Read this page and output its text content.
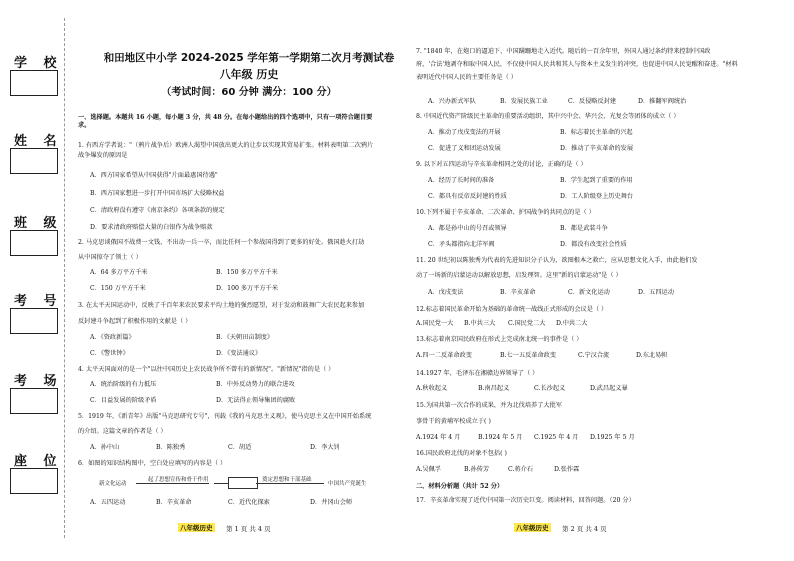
学 校
姓 名
班 级
考 号
考 场
座 位
和田地区中小学 2024-2025 学年第一学期第二次月考测试卷
八年级 历史
（考试时间：60 分钟 满分：100 分）
一、选择题。本题共 16 小题，每小题 3 分，共 48 分。在每小题给出的四个选项中，只有一项符合题目要
求。
1. 有西方学者说："（鸦片战争后）欧洲人渴望中国放出更大的让步以实现其贸易扩张。材料表明第二次鸦片
战争爆发的原因是
A．西方国家希望从中国获得"片面最惠国待遇"
B．西方国家想进一步打开中国市场扩大侵略权益
C．清政府没有遵守《南京条约》各项条款的规定
D．要求清政府赔偿大量的白银作为战争赔款
2. 马克思谈俄国不战费一文钱，不出动一兵一卒，而比任何一个参战国得到了更多的好处。俄国趁火打劫
从中国掠夺了领土（ ）
A．64 多万平方千米	B．150 多万平方千米
C．150 万平方千米	D．100 多万平方千米
3. 在太平天国运动中，反映了千百年来农民要求平均土地的强烈愿望，对于发动和鼓舞广大农民起来参加
反封建斗争起到了积极作用的文献是（ ）
A．《资政新篇》	B．《天朝田亩制度》
C．《警世钟》	D．《变法通议》
4. 太平天国面对的是一个"以往中国历史上农民战争所不曾有的新情况"。"新情况"指的是（ ）
A．统治阶级的有力抵压	B．中外反动势力的联合进攻
C．目益发展的阶级矛盾	D．无法得止领导集团的腐败
5．1919 年，《新青年》出版"马克思研究专号"，刊载《我的马克思主义观》，使马克思主义在中国开始系统
的介绍。这篇文章的作者是（ ）
A．孙中山	B．陈独秀	C．胡适	D．李大钊
6．如图的知识结构图中，空白处应填写的内容是（ ）
新文化运动
起了思想宣传和骨干作用	奠定思想和干部基础
中国共产党诞生
A．五四运动	B．辛亥革命	C．近代化探索	D．井冈山会师
八年级历史	第 1 页 共 4 页
7. "1840 年，在炮口的逼迫下，中国蹒跚地走入近代。随后的一百余年里，外国人通过条约特来控制中国政
府，'合法'地剥夺和取中国人民，不仅使中国人民共和其人与资本主义发生的冲突，也促进中国人民觉醒和奋进。"材料
表明近代中国人民的主要任务是（ ）
A．兴办新式军队	B．发展民族工业	C．反侵略反封建	D．推翻军阀统治
8. 中国近代资产阶级民主革命的重要活动组织，其中兴中会、华兴会、光复会等团体的成立（ ）
A．推动了戊戌变法的开展	B．标志着民主革命的兴起
C．促进了义和团运动发展	D．推动了辛亥革命的发展
9. 以下对五四运动与辛亥革命相同之处的讨论，正确的是（ ）
A．经历了长时间的准备	B．学生起到了重要的作用
C．都具有反帝反封建的性质	D．工人阶级登上历史舞台
10.下列不属于辛亥革命、二次革命、护国战争的共同点的是（ ）
A．都是孙中山的号召或领导	B．都是武装斗争
C．矛头都指向北洋军阀	D．都没有改变社会性质
11. 20 世纪初以陈独秀为代表的先进知识分子认为，欲图根本之救亡，应从思想文化入手，由此他们发
动了一场新的启蒙运动以解放思想，启发理智。这里"新的启蒙运动"是（ ）
A．戊戌变法	B．辛亥革命	C．新文化运动	D．五四运动
12.标志着国民革命开始为基础的革命统一战线正式形成的会议是（ ）
A.国民党一大 B.中共三大 C.国民党二大 D.中共二大
13.标志着南京国民政府在形式上完成南北统一的事件是（ ）
A.四一二反革命政变	B.七一五反革命政变	C.宁汉合流	D.东北易帜
14.1927 年，毛泽东在湘赣边界领导了（ ）
A.秋收起义	B.南昌起义	C.长沙起义	D.武昌起义暴
15.为国共第一次合作的成果，并为北伐培养了大批军
事骨干的黄埔军校成立于( )
A.1924 年 4 月	B.1924 年 5 月 C.1925 年 4 月 D.1925 年 5 月
16.国民政府北伐的对象不包括( )
A.吴佩孚	B.孙传芳	C.蒋介石	D.张作霖
二、材料分析题（共计 52 分）
17．辛亥革命实现了近代中国第一次历史巨变。阅读材料，回答问题。（20 分）
八年级历史	第 2 页 共 4 页
